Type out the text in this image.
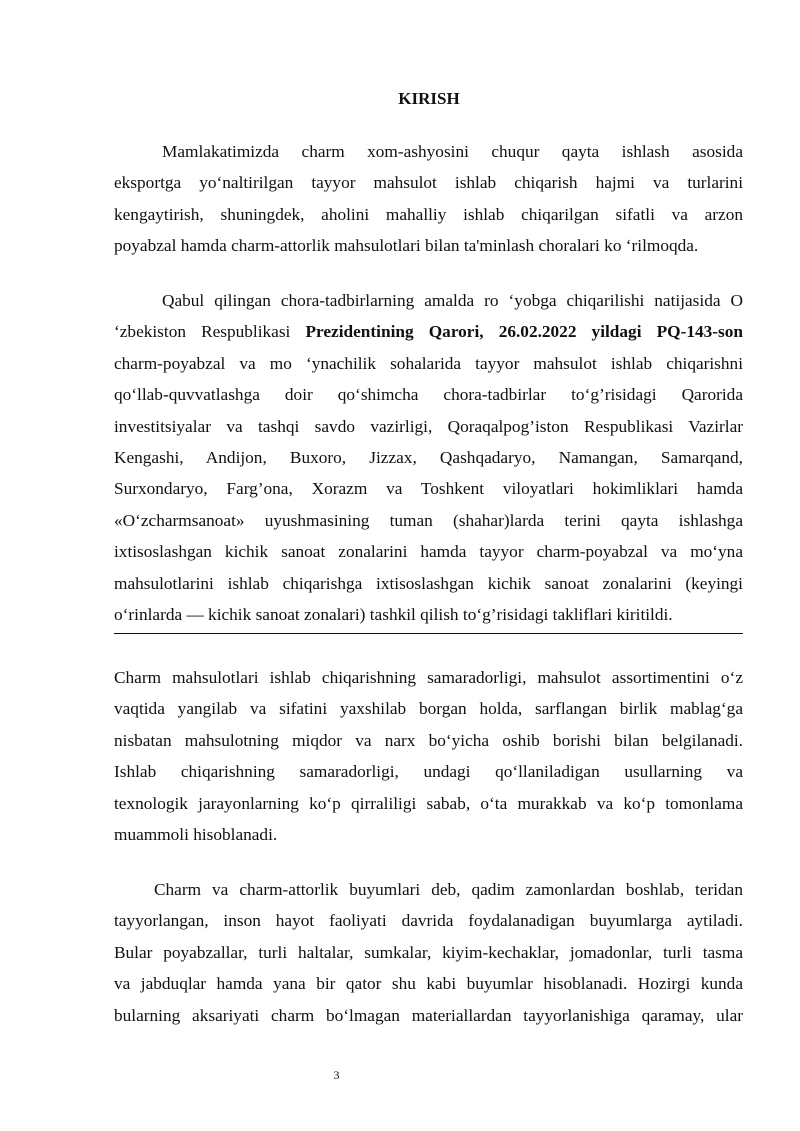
KIRISH
Mamlakatimizda charm xom-ashyosini chuqur qayta ishlash asosida
eksportga yo‘naltirilgan tayyor mahsulot ishlab chiqarish hajmi va turlarini
kengaytirish, shuningdek, aholini mahalliy ishlab chiqarilgan sifatli va arzon
poyabzal hamda charm-attorlik mahsulotlari bilan ta'minlash choralari ko ‘rilmoqda.
Qabul qilingan chora-tadbirlarning amalda ro ‘yobga chiqarilishi natijasida O
‘zbekiston Respublikasi Prezidentining Qarori, 26.02.2022 yildagi PQ-143-son
charm-poyabzal va mo ‘ynachilik sohalarida tayyor mahsulot ishlab chiqarishni
qo‘llab-quvvatlashga doir qo‘shimcha chora-tadbirlar to‘g’risidagi Qarorida
investitsiyalar va tashqi savdo vazirligi, Qoraqalpog’iston Respublikasi Vazirlar
Kengashi, Andijon, Buxoro, Jizzax, Qashqadaryo, Namangan, Samarqand,
Surxondaryo, Farg’ona, Xorazm va Toshkent viloyatlari hokimliklari hamda
«O‘zcharmsanoat» uyushmasining tuman (shahar)larda terini qayta ishlashga
ixtisoslashgan kichik sanoat zonalarini hamda tayyor charm-poyabzal va mo‘yna
mahsulotlarini ishlab chiqarishga ixtisoslashgan kichik sanoat zonalarini (keyingi
o‘rinlarda — kichik sanoat zonalari) tashkil qilish to‘g’risidagi takliflari kiritildi.
Charm mahsulotlari ishlab chiqarishning samaradorligi, mahsulot assortimentini o‘z
vaqtida yangilab va sifatini yaxshilab borgan holda, sarflangan birlik mablag‘ga
nisbatan mahsulotning miqdor va narx bo‘yicha oshib borishi bilan belgilanadi.
Ishlab chiqarishning samaradorligi, undagi qo‘llaniladigan usullarning va
texnologik jarayonlarning ko‘p qirraliligi sabab, o‘ta murakkab va ko‘p tomonlama
muammoli hisoblanadi.
Charm va charm-attorlik buyumlari deb, qadim zamonlardan boshlab, teridan
tayyorlangan, inson hayot faoliyati davrida foydalanadigan buyumlarga aytiladi.
Bular poyabzallar, turli haltalar, sumkalar, kiyim-kechaklar, jomadonlar, turli tasma
va jabduqlar hamda yana bir qator shu kabi buyumlar hisoblanadi. Hozirgi kunda
bularning aksariyati charm bo‘lmagan materiallardan tayyorlanishiga qaramay, ular
3
